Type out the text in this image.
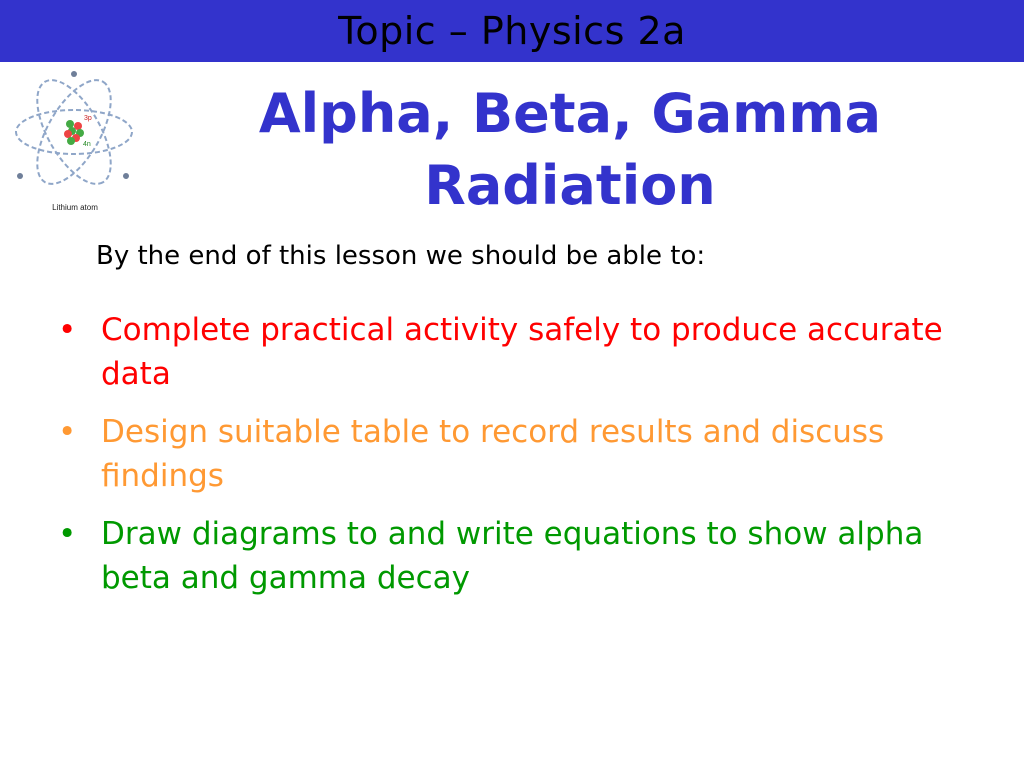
Topic – Physics 2a
3p
4n
Lithium atom
Alpha, Beta, Gamma
Radiation
By the end of this lesson we should be able to:
• Complete practical activity safely to produce accurate data
• Design suitable table to record results and discuss findings
• Draw diagrams to and write equations to show alpha beta and gamma decay
